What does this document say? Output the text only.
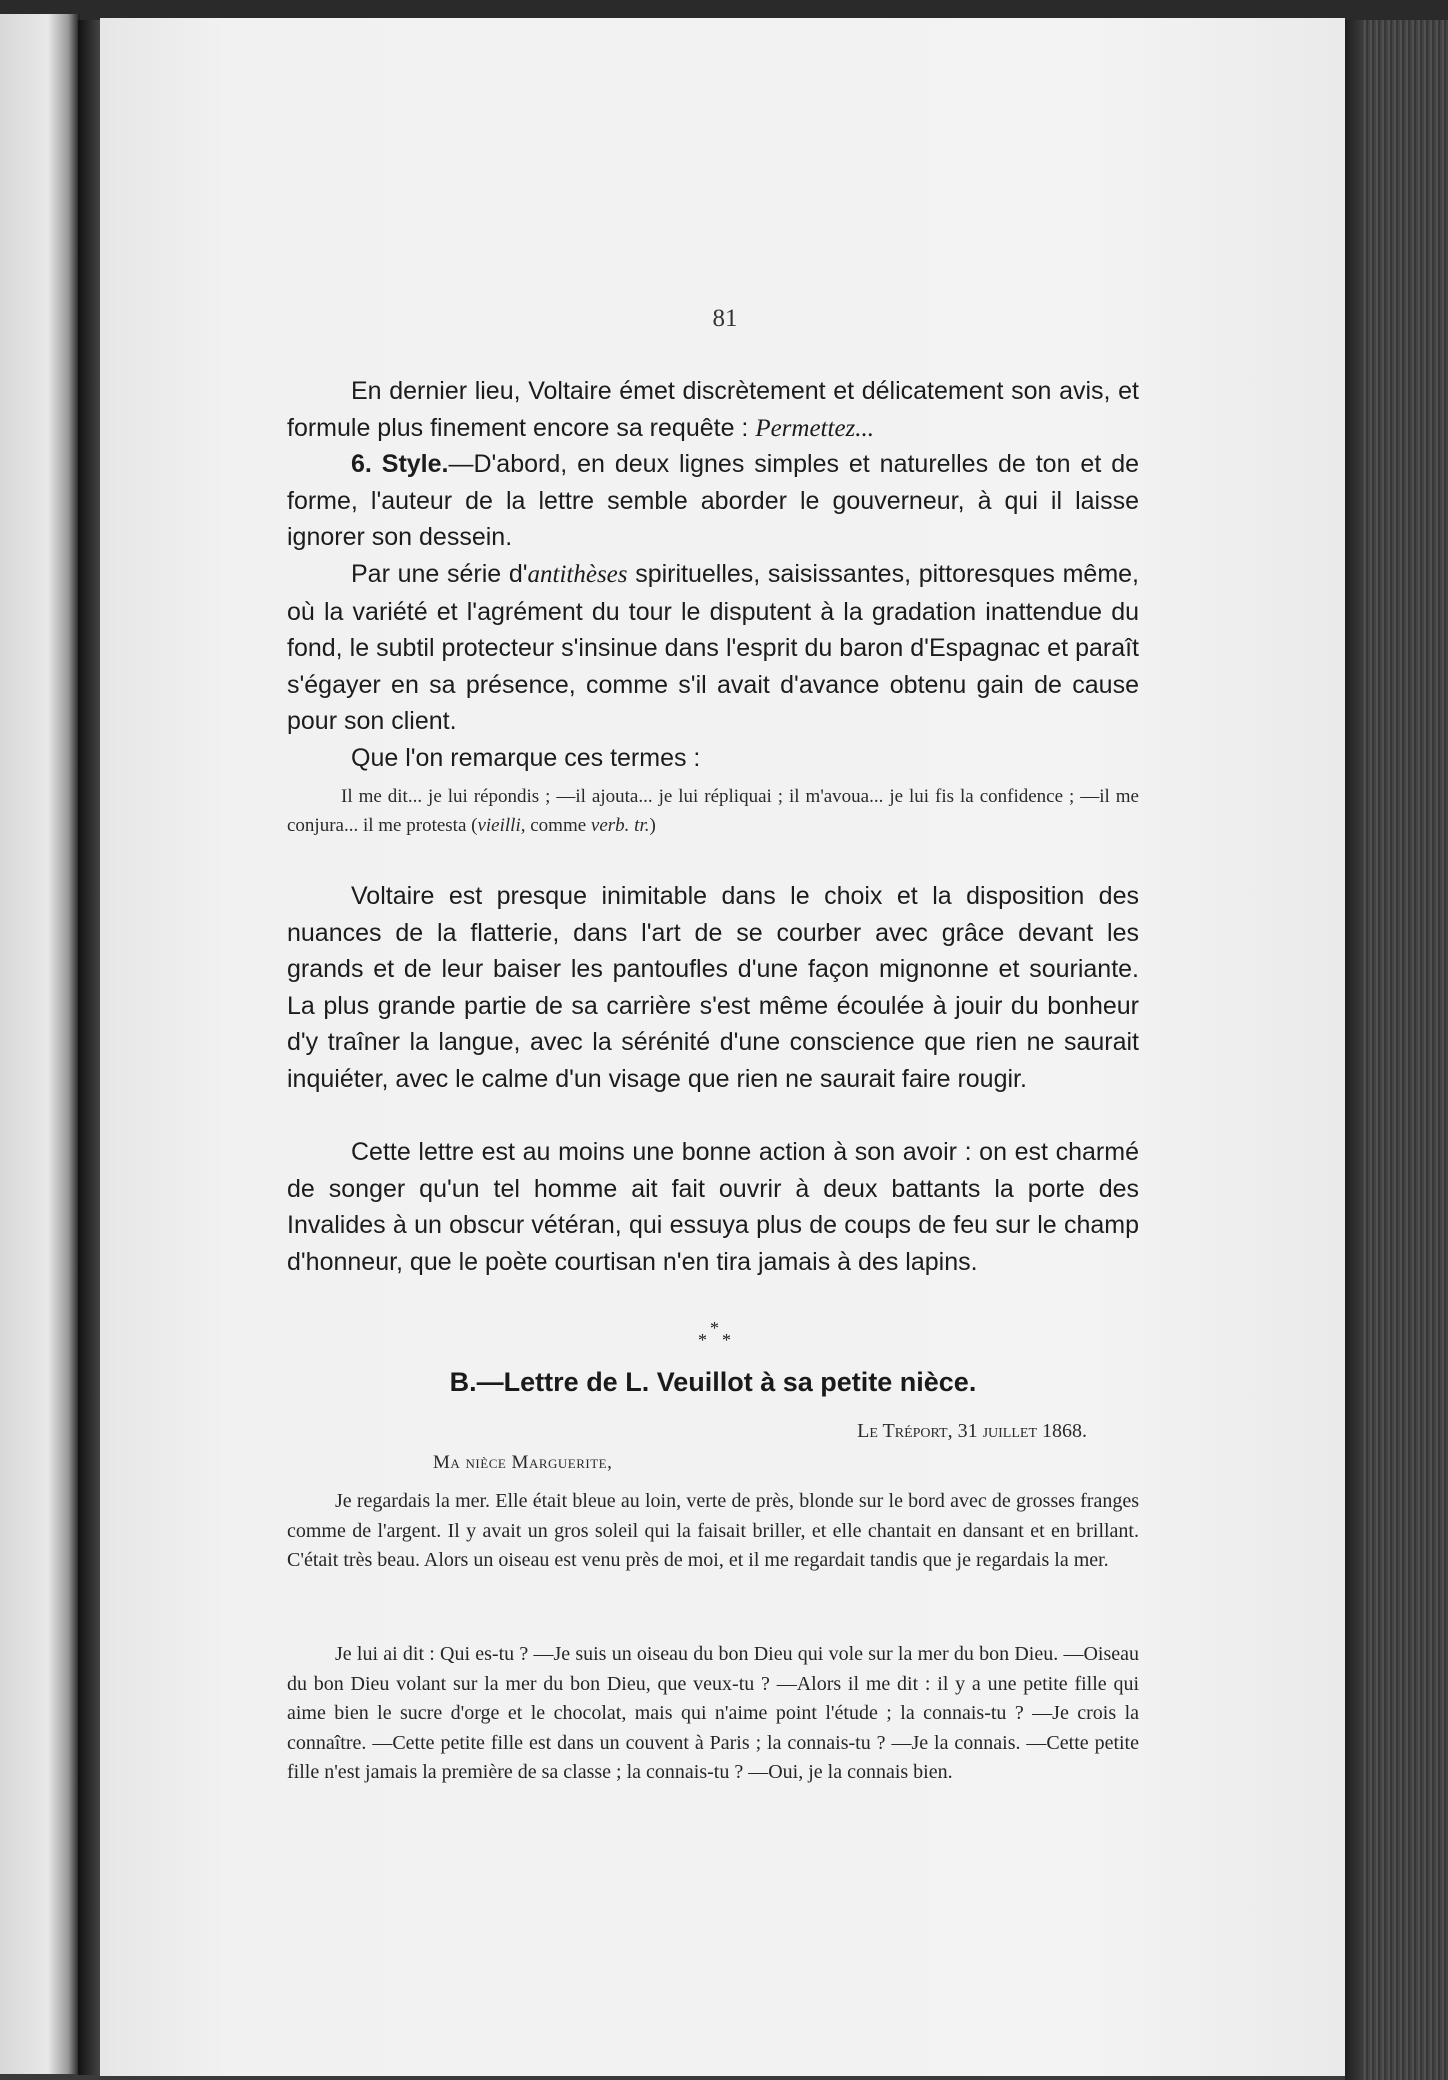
81

En dernier lieu, Voltaire émet discrètement et délicatement son avis, et formule plus finement encore sa requête : Permettez...

6. Style.—D'abord, en deux lignes simples et naturelles de ton et de forme, l'auteur de la lettre semble aborder le gouverneur, à qui il laisse ignorer son dessein.

Par une série d'antithèses spirituelles, saisissantes, pittoresques même, où la variété et l'agrément du tour le disputent à la gradation inattendue du fond, le subtil protecteur s'insinue dans l'esprit du baron d'Espagnac et paraît s'égayer en sa présence, comme s'il avait d'avance obtenu gain de cause pour son client.

Que l'on remarque ces termes :

Il me dit... je lui répondis ; —il ajouta... je lui répliquai ; il m'avoua... je lui fis la confidence ; —il me conjura... il me protesta (vieilli, comme verb. tr.)

Voltaire est presque inimitable dans le choix et la disposition des nuances de la flatterie, dans l'art de se courber avec grâce devant les grands et de leur baiser les pantoufles d'une façon mignonne et souriante. La plus grande partie de sa carrière s'est même écoulée à jouir du bonheur d'y traîner la langue, avec la sérénité d'une conscience que rien ne saurait inquiéter, avec le calme d'un visage que rien ne saurait faire rougir.

Cette lettre est au moins une bonne action à son avoir : on est charmé de songer qu'un tel homme ait fait ouvrir à deux battants la porte des Invalides à un obscur vétéran, qui essuya plus de coups de feu sur le champ d'honneur, que le poète courtisan n'en tira jamais à des lapins.

*
* *
B.—Lettre de L. Veuillot à sa petite nièce.
Le Tréport, 31 juillet 1868.
Ma nièce Marguerite,

Je regardais la mer. Elle était bleue au loin, verte de près, blonde sur le bord avec de grosses franges comme de l'argent. Il y avait un gros soleil qui la faisait briller, et elle chantait en dansant et en brillant. C'était très beau. Alors un oiseau est venu près de moi, et il me regardait tandis que je regardais la mer.

Je lui ai dit : Qui es-tu ? —Je suis un oiseau du bon Dieu qui vole sur la mer du bon Dieu. —Oiseau du bon Dieu volant sur la mer du bon Dieu, que veux-tu ? —Alors il me dit : il y a une petite fille qui aime bien le sucre d'orge et le chocolat, mais qui n'aime point l'étude ; la connais-tu ? —Je crois la connaître. —Cette petite fille est dans un couvent à Paris ; la connais-tu ? —Je la connais. —Cette petite fille n'est jamais la première de sa classe ; la connais-tu ? —Oui, je la connais bien.
